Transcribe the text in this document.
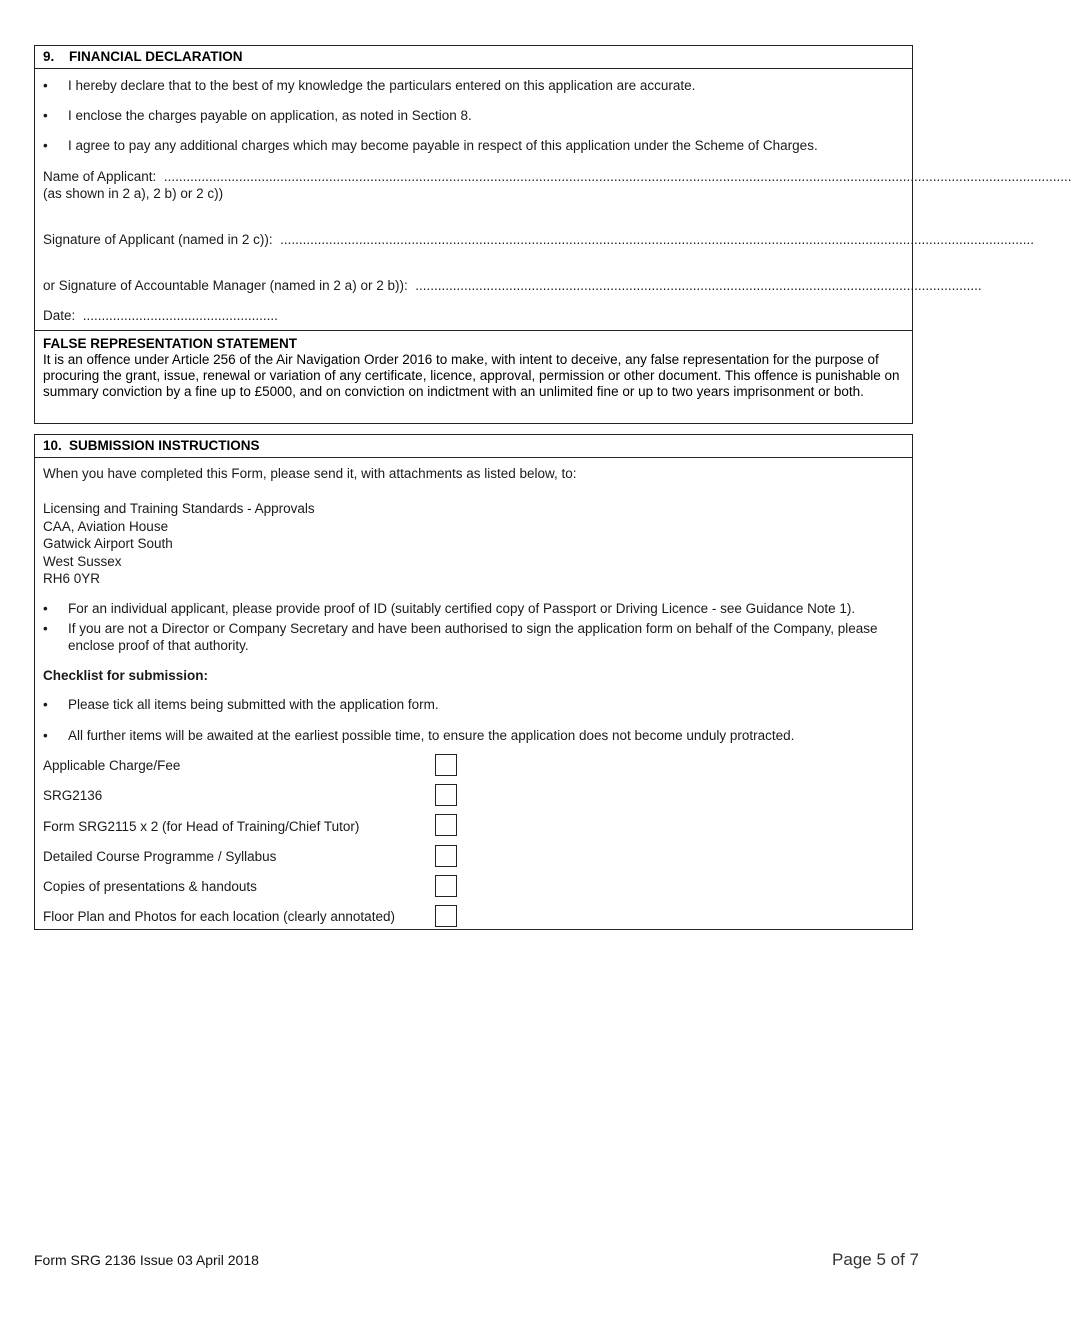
9. FINANCIAL DECLARATION
• I hereby declare that to the best of my knowledge the particulars entered on this application are accurate.
• I enclose the charges payable on application, as noted in Section 8.
• I agree to pay any additional charges which may become payable in respect of this application under the Scheme of Charges.
Name of Applicant:  ..................................................................................................................................................................................................................................................
(as shown in 2 a), 2 b) or 2 c))
Signature of Applicant (named in 2 c)):  .........................................................................................................................................................................................................
or Signature of Accountable Manager (named in 2 a) or 2 b)):  .......................................................................................................................................................
Date:  ....................................................
FALSE REPRESENTATION STATEMENT
It is an offence under Article 256 of the Air Navigation Order 2016 to make, with intent to deceive, any false representation for the purpose of procuring the grant, issue, renewal or variation of any certificate, licence, approval, permission or other document. This offence is punishable on summary conviction by a fine up to £5000, and on conviction on indictment with an unlimited fine or up to two years imprisonment or both.
10. SUBMISSION INSTRUCTIONS
When you have completed this Form, please send it, with attachments as listed below, to:
Licensing and Training Standards - Approvals
CAA, Aviation House
Gatwick Airport South
West Sussex
RH6 0YR
• For an individual applicant, please provide proof of ID (suitably certified copy of Passport or Driving Licence - see Guidance Note 1).
• If you are not a Director or Company Secretary and have been authorised to sign the application form on behalf of the Company, please enclose proof of that authority.
Checklist for submission:
• Please tick all items being submitted with the application form.
• All further items will be awaited at the earliest possible time, to ensure the application does not become unduly protracted.
Applicable Charge/Fee
SRG2136
Form SRG2115 x 2 (for Head of Training/Chief Tutor)
Detailed Course Programme / Syllabus
Copies of presentations & handouts
Floor Plan and Photos for each location (clearly annotated)
Form SRG 2136 Issue 03 April 2018	Page 5 of 7
